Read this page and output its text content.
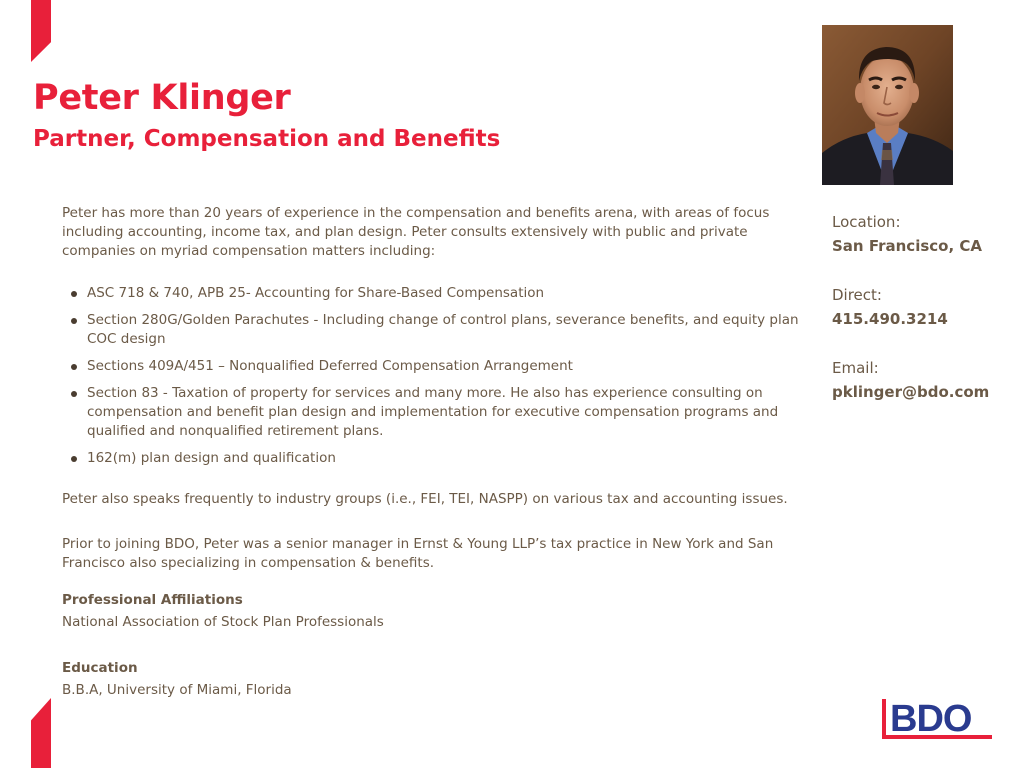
Peter Klinger
Partner, Compensation and Benefits

Peter has more than 20 years of experience in the compensation and benefits arena, with areas of focus including accounting, income tax, and plan design. Peter consults extensively with public and private companies on myriad compensation matters including:

ASC 718 & 740, APB 25- Accounting for Share-Based Compensation
Section 280G/Golden Parachutes - Including change of control plans, severance benefits, and equity plan COC design
Sections 409A/451 – Nonqualified Deferred Compensation Arrangement
Section 83 - Taxation of property for services and many more. He also has experience consulting on compensation and benefit plan design and implementation for executive compensation programs and qualified and nonqualified retirement plans.
162(m) plan design and qualification

Peter also speaks frequently to industry groups (i.e., FEI, TEI, NASPP) on various tax and accounting issues.

Prior to joining BDO, Peter was a senior manager in Ernst & Young LLP’s tax practice in New York and San Francisco also specializing in compensation & benefits.

Professional Affiliations

National Association of Stock Plan Professionals

Education

B.B.A, University of Miami, Florida

Location:
San Francisco, CA
Direct:
415.490.3214
Email:
pklinger@bdo.com
BDO
